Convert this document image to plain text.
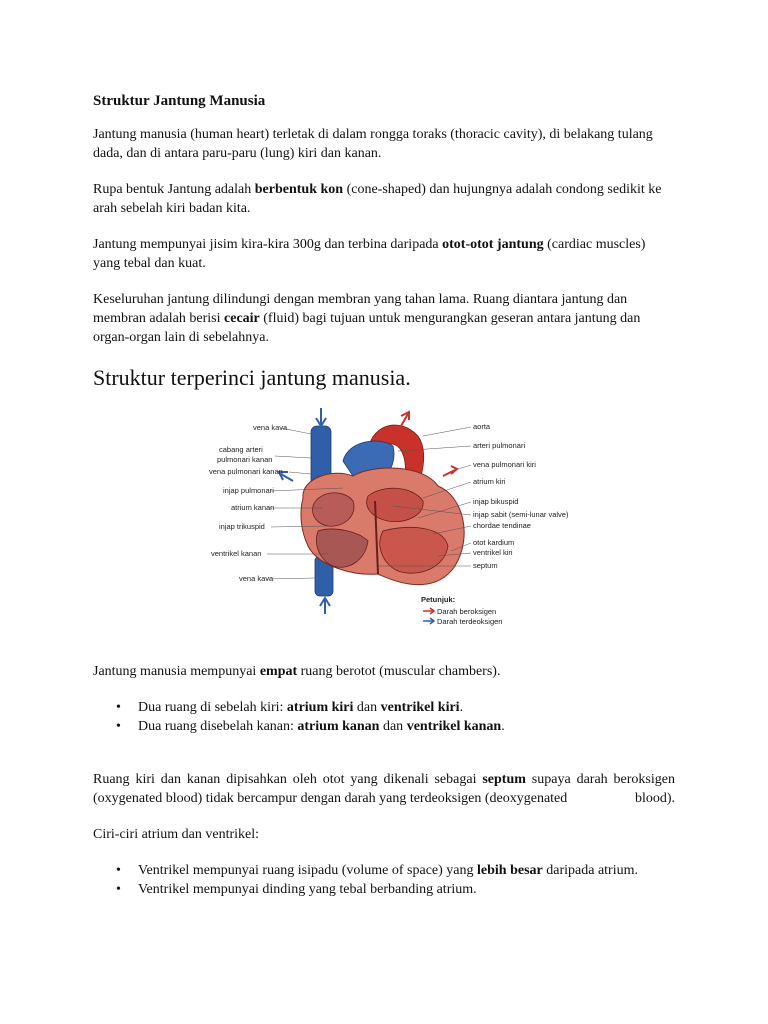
Struktur Jantung Manusia

Jantung manusia (human heart) terletak di dalam rongga toraks (thoracic cavity), di belakang tulang dada, dan di antara paru-paru (lung) kiri dan kanan.

Rupa bentuk Jantung adalah berbentuk kon (cone-shaped) dan hujungnya adalah condong sedikit ke arah sebelah kiri badan kita.

Jantung mempunyai jisim kira-kira 300g dan terbina daripada otot-otot jantung (cardiac muscles) yang tebal dan kuat.

Keseluruhan jantung dilindungi dengan membran yang tahan lama. Ruang diantara jantung dan membran adalah berisi cecair (fluid) bagi tujuan untuk mengurangkan geseran antara jantung dan organ-organ lain di sebelahnya.

Struktur terperinci jantung manusia.
vena kava
cabang arteri
pulmonari kanan
vena pulmonari kanan
injap pulmonari
atrium kanan
injap trikuspid
ventrikel kanan
vena kava
aorta
arteri pulmonari
vena pulmonari kiri
atrium kiri
injap bikuspid
injap sabit (semi-lunar valve)
chordae tendinae
otot kardium
ventrikel kiri
septum
Petunjuk:
Darah beroksigen
Darah terdeoksigen

Jantung manusia mempunyai empat ruang berotot (muscular chambers).

• Dua ruang di sebelah kiri: atrium kiri dan ventrikel kiri.
• Dua ruang disebelah kanan: atrium kanan dan ventrikel kanan.

Ruang kiri dan kanan dipisahkan oleh otot yang dikenali sebagai septum supaya darah beroksigen (oxygenated blood) tidak bercampur dengan darah yang terdeoksigen (deoxygenated	blood).

Ciri-ciri atrium dan ventrikel:

• Ventrikel mempunyai ruang isipadu (volume of space) yang lebih besar daripada atrium.
• Ventrikel mempunyai dinding yang tebal berbanding atrium.
